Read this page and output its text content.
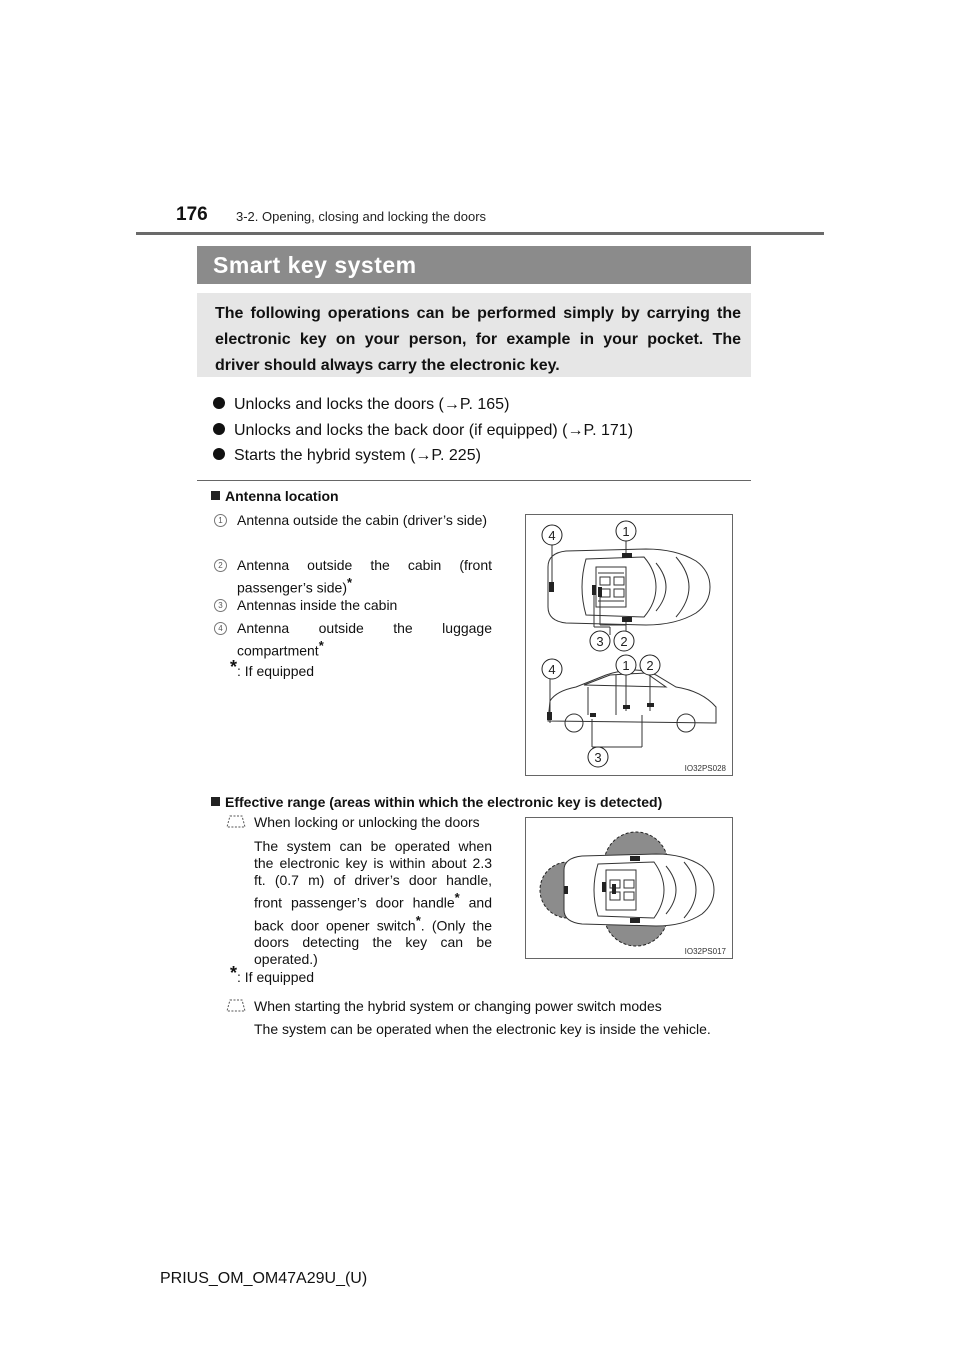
176 3-2. Opening, closing and locking the doors
Smart key system
The following operations can be performed simply by carrying the electronic key on your person, for example in your pocket. The driver should always carry the electronic key.
Unlocks and locks the doors (→P. 165)
Unlocks and locks the back door (if equipped) (→P. 171)
Starts the hybrid system (→P. 225)
Antenna location
1	Antenna outside the cabin (driver’s side)
2	Antenna outside the cabin (front passenger’s side)*
3	Antennas inside the cabin
4	Antenna outside the luggage compartment*
*: If equipped
4	1
3 2
4	1 2
3
IO32PS028
Effective range (areas within which the electronic key is detected)
When locking or unlocking the doors
The system can be operated when the electronic key is within about 2.3 ft. (0.7 m) of driver’s door handle, front passenger’s door handle* and back door opener switch*. (Only the doors detecting the key can be operated.)
*: If equipped
When starting the hybrid system or changing power switch modes
The system can be operated when the electronic key is inside the vehicle.
IO32PS017
PRIUS_OM_OM47A29U_(U)
